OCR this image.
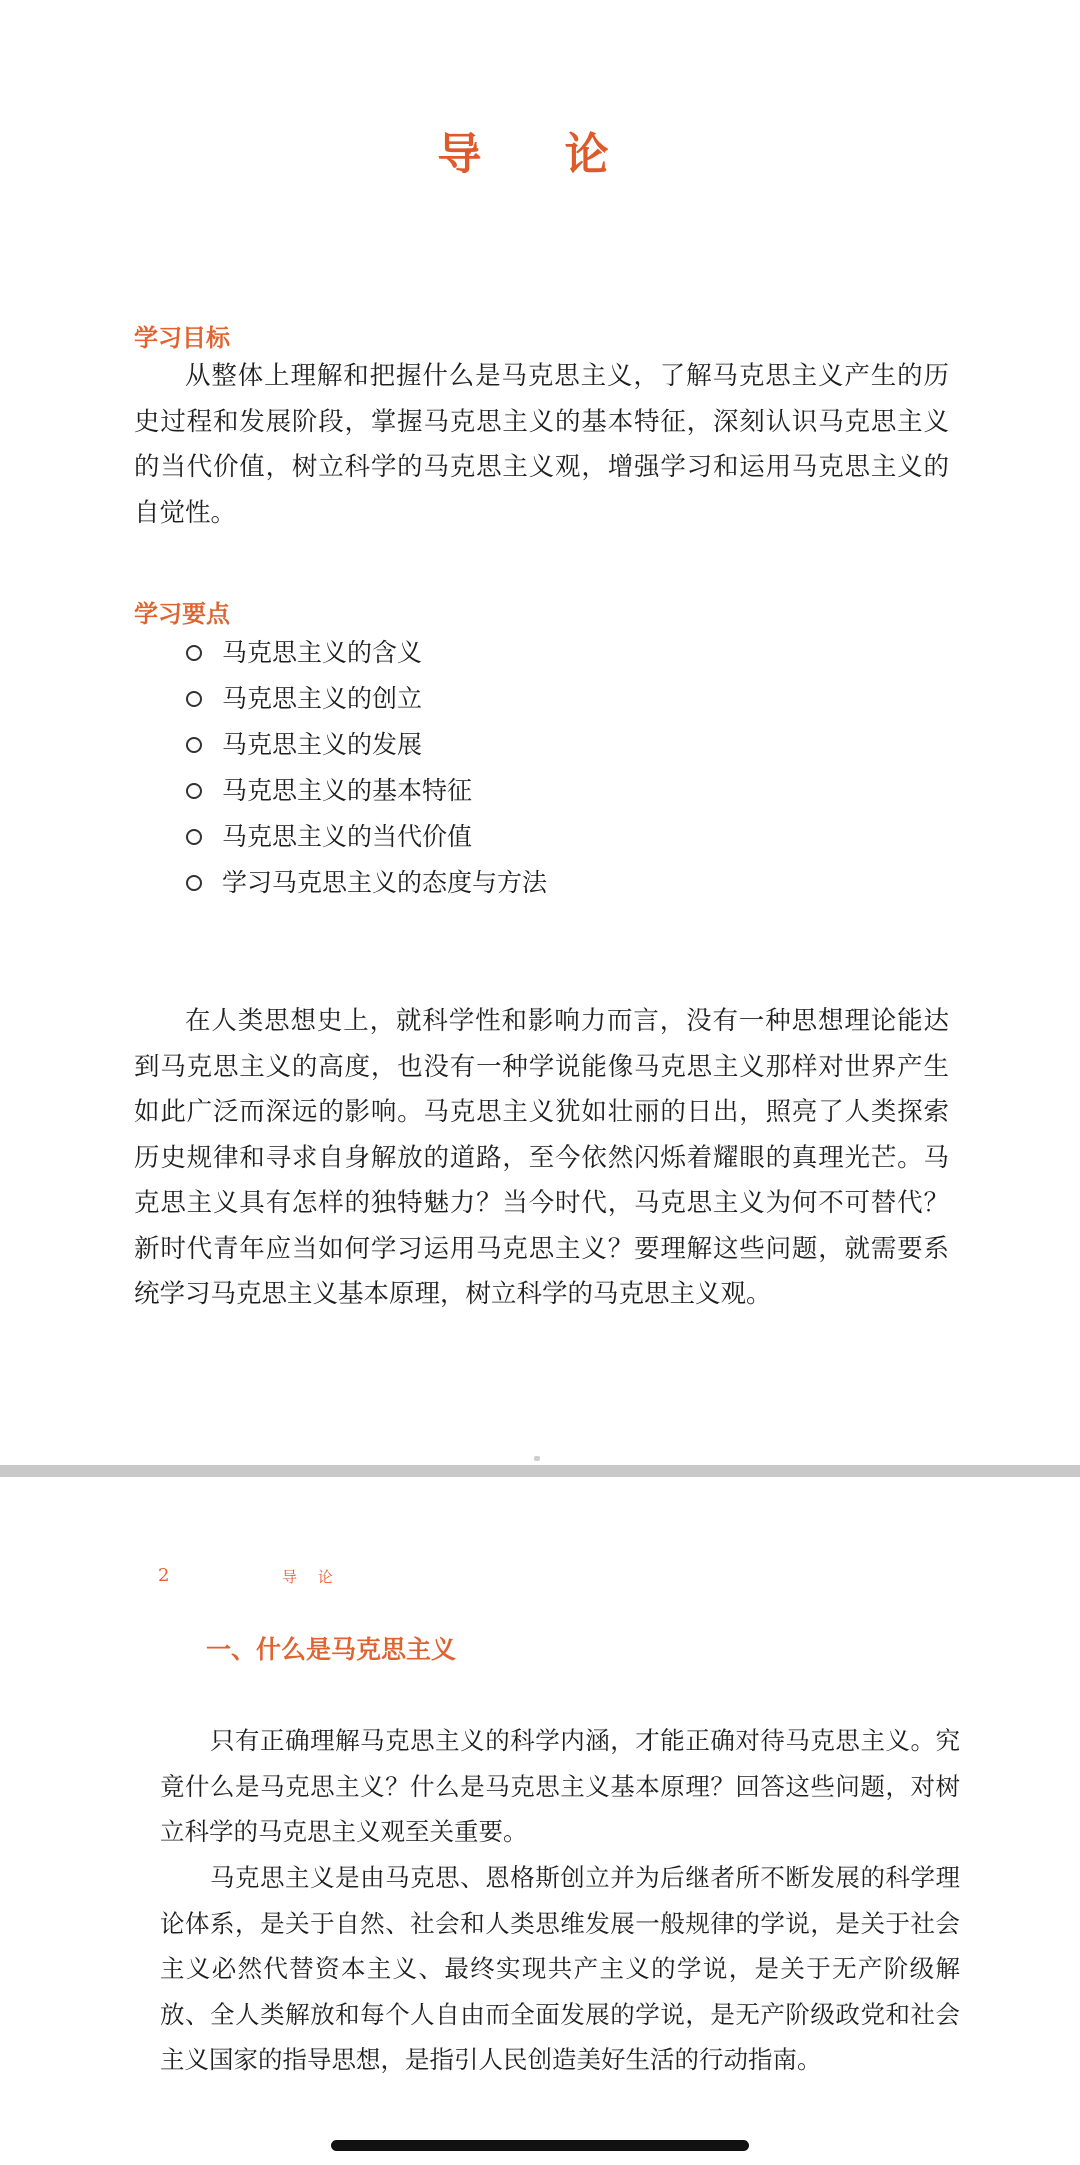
导 论
学习目标

从整体上理解和把握什么是马克思主义，了解马克思主义产生的历史过程和发展阶段，掌握马克思主义的基本特征，深刻认识马克思主义的当代价值，树立科学的马克思主义观，增强学习和运用马克思主义的自觉性。

学习要点
马克思主义的含义
马克思主义的创立
马克思主义的发展
马克思主义的基本特征
马克思主义的当代价值
学习马克思主义的态度与方法

在人类思想史上，就科学性和影响力而言，没有一种思想理论能达到马克思主义的高度，也没有一种学说能像马克思主义那样对世界产生如此广泛而深远的影响。马克思主义犹如壮丽的日出，照亮了人类探索历史规律和寻求自身解放的道路，至今依然闪烁着耀眼的真理光芒。马克思主义具有怎样的独特魅力？当今时代，马克思主义为何不可替代？新时代青年应当如何学习运用马克思主义？要理解这些问题，就需要系统学习马克思主义基本原理，树立科学的马克思主义观。

2	导 论
一、什么是马克思主义

只有正确理解马克思主义的科学内涵，才能正确对待马克思主义。究竟什么是马克思主义？什么是马克思主义基本原理？回答这些问题，对树立科学的马克思主义观至关重要。

马克思主义是由马克思、恩格斯创立并为后继者所不断发展的科学理论体系，是关于自然、社会和人类思维发展一般规律的学说，是关于社会主义必然代替资本主义、最终实现共产主义的学说，是关于无产阶级解放、全人类解放和每个人自由而全面发展的学说，是无产阶级政党和社会主义国家的指导思想，是指引人民创造美好生活的行动指南。
